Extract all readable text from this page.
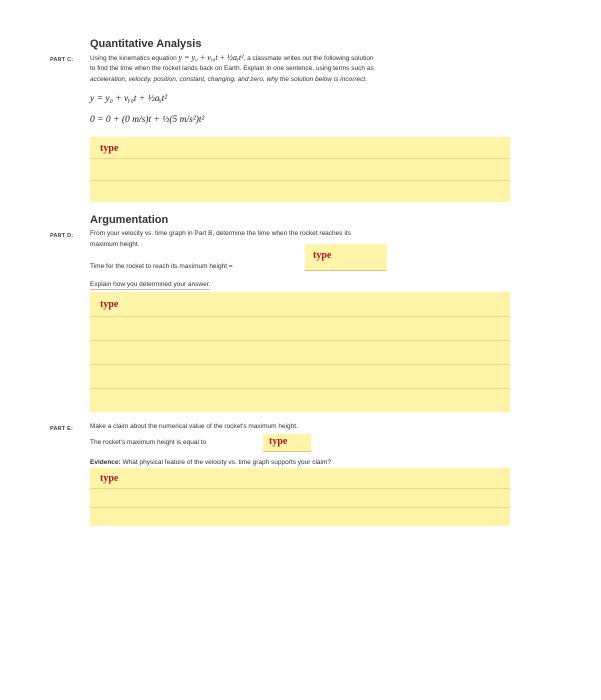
Quantitative Analysis
PART C:	Using the kinematics equation y = y₀ + vᵧ₀t + ½aᵧt², a classmate writes out the following solution
to find the time when the rocket lands back on Earth. Explain in one sentence, using terms such as
acceleration, velocity, position, constant, changing, and zero, why the solution below is incorrect.
y = y₀ + vᵧ₀t + ½aᵧt²
0 = 0 + (0 m/s)t + ½(5 m/s²)t²
type
Argumentation
PART D:	From your velocity vs. time graph in Part B, determine the time when the rocket reaches its
maximum height.
Time for the rocket to reach its maximum height =
type
Explain how you determined your answer.
type
PART E:	Make a claim about the numerical value of the rocket's maximum height.
The rocket's maximum height is equal to	type
Evidence: What physical feature of the velocity vs. time graph supports your claim?
type
